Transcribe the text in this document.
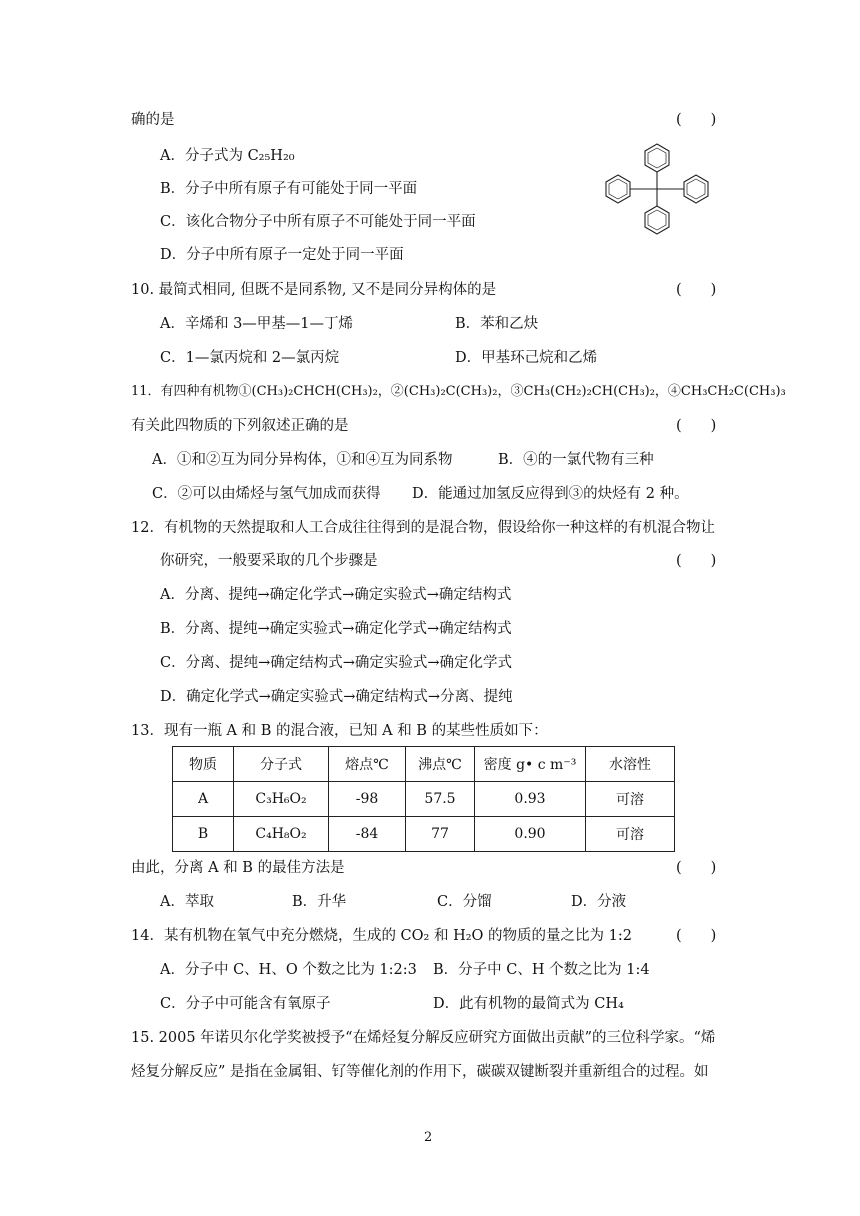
确的是	(　　)
A．分子式为 C₂₅H₂₀
B．分子中所有原子有可能处于同一平面
C．该化合物分子中所有原子不可能处于同一平面
D．分子中所有原子一定处于同一平面
10. 最简式相同, 但既不是同系物, 又不是同分异构体的是	(　　)
A．辛烯和 3—甲基—1—丁烯	B．苯和乙炔
C．1—氯丙烷和 2—氯丙烷	D．甲基环己烷和乙烯
11．有四种有机物①(CH₃)₂CHCH(CH₃)₂，②(CH₃)₂C(CH₃)₂，③CH₃(CH₂)₂CH(CH₃)₂，④CH₃CH₂C(CH₃)₃
有关此四物质的下列叙述正确的是	(　　)
A．①和②互为同分异构体，①和④互为同系物	B．④的一氯代物有三种
C．②可以由烯烃与氢气加成而获得 D．能通过加氢反应得到③的炔烃有 2 种。
12．有机物的天然提取和人工合成往往得到的是混合物，假设给你一种这样的有机混合物让
你研究，一般要采取的几个步骤是	(　　)
A．分离、提纯→确定化学式→确定实验式→确定结构式
B．分离、提纯→确定实验式→确定化学式→确定结构式
C．分离、提纯→确定结构式→确定实验式→确定化学式
D．确定化学式→确定实验式→确定结构式→分离、提纯
13．现有一瓶 A 和 B 的混合液，已知 A 和 B 的某些性质如下：
物质	分子式	熔点℃	沸点℃	密度 g• c m⁻³	水溶性
A	C₃H₆O₂	-98	57.5	0.93	可溶
B	C₄H₈O₂	-84	77	0.90	可溶
由此，分离 A 和 B 的最佳方法是	(　　)
A．萃取	B．升华	C．分馏	D．分液
14．某有机物在氧气中充分燃烧，生成的 CO₂ 和 H₂O 的物质的量之比为 1:2	(　　)
A．分子中 C、H、O 个数之比为 1:2:3 B．分子中 C、H 个数之比为 1:4
C．分子中可能含有氧原子	D．此有机物的最简式为 CH₄
15. 2005 年诺贝尔化学奖被授予“在烯烃复分解反应研究方面做出贡献”的三位科学家。“烯
烃复分解反应” 是指在金属钼、钌等催化剂的作用下，碳碳双键断裂并重新组合的过程。如
2
